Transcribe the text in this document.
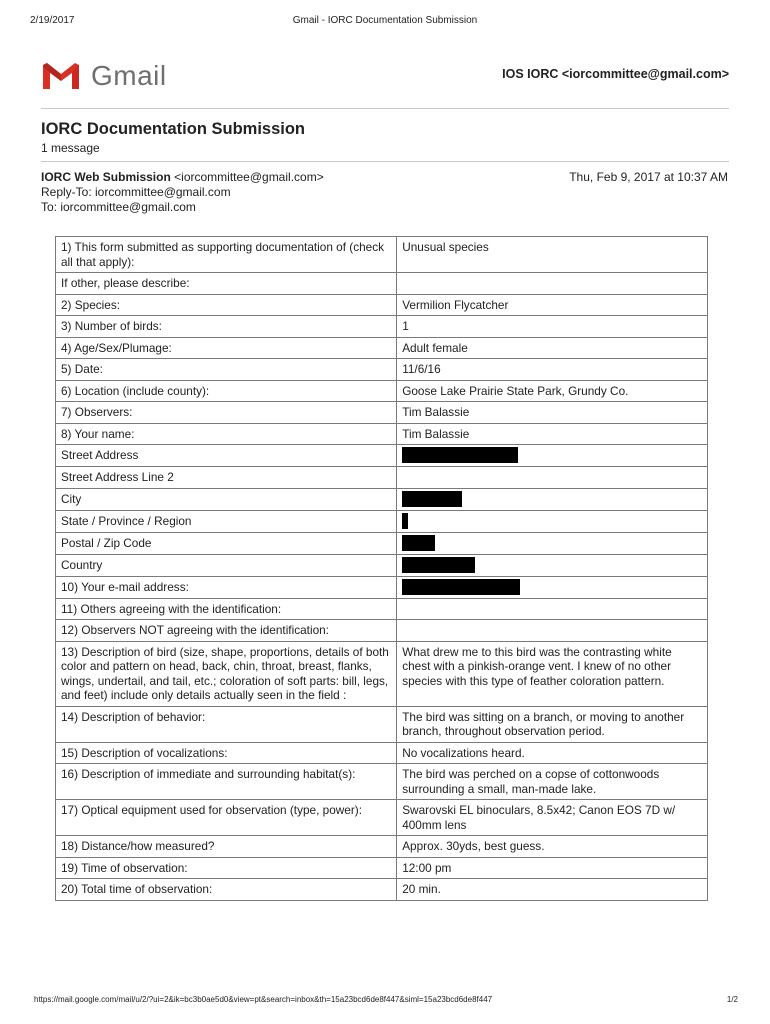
2/19/2017	Gmail - IORC Documentation Submission
Gmail	IOS IORC <iorcommittee@gmail.com>
IORC Documentation Submission
1 message
IORC Web Submission <iorcommittee@gmail.com>
Reply-To: iorcommittee@gmail.com
To: iorcommittee@gmail.com
Thu, Feb 9, 2017 at 10:37 AM
1) This form submitted as supporting documentation of (check all that apply):	Unusual species
If other, please describe:	
2) Species:	Vermilion Flycatcher
3) Number of birds:	1
4) Age/Sex/Plumage:	Adult female
5) Date:	11/6/16
6) Location (include county):	Goose Lake Prairie State Park, Grundy Co.
7) Observers:	Tim Balassie
8) Your name:	Tim Balassie
Street Address	
Street Address Line 2	
City	
State / Province / Region	
Postal / Zip Code	
Country	
10) Your e-mail address:	
11) Others agreeing with the identification:	
12) Observers NOT agreeing with the identification:	
13) Description of bird (size, shape, proportions, details of both color and pattern on head, back, chin, throat, breast, flanks, wings, undertail, and tail, etc.; coloration of soft parts: bill, legs, and feet) include only details actually seen in the field :	What drew me to this bird was the contrasting white chest with a pinkish-orange vent. I knew of no other species with this type of feather coloration pattern.
14) Description of behavior:	The bird was sitting on a branch, or moving to another branch, throughout observation period.
15) Description of vocalizations:	No vocalizations heard.
16) Description of immediate and surrounding habitat(s):	The bird was perched on a copse of cottonwoods surrounding a small, man-made lake.
17) Optical equipment used for observation (type, power):	Swarovski EL binoculars, 8.5x42; Canon EOS 7D w/ 400mm lens
18) Distance/how measured?	Approx. 30yds, best guess.
19) Time of observation:	12:00 pm
20) Total time of observation:	20 min.
https://mail.google.com/mail/u/2/?ui=2&ik=bc3b0ae5d0&view=pt&search=inbox&th=15a23bcd6de8f447&siml=15a23bcd6de8f447	1/2
